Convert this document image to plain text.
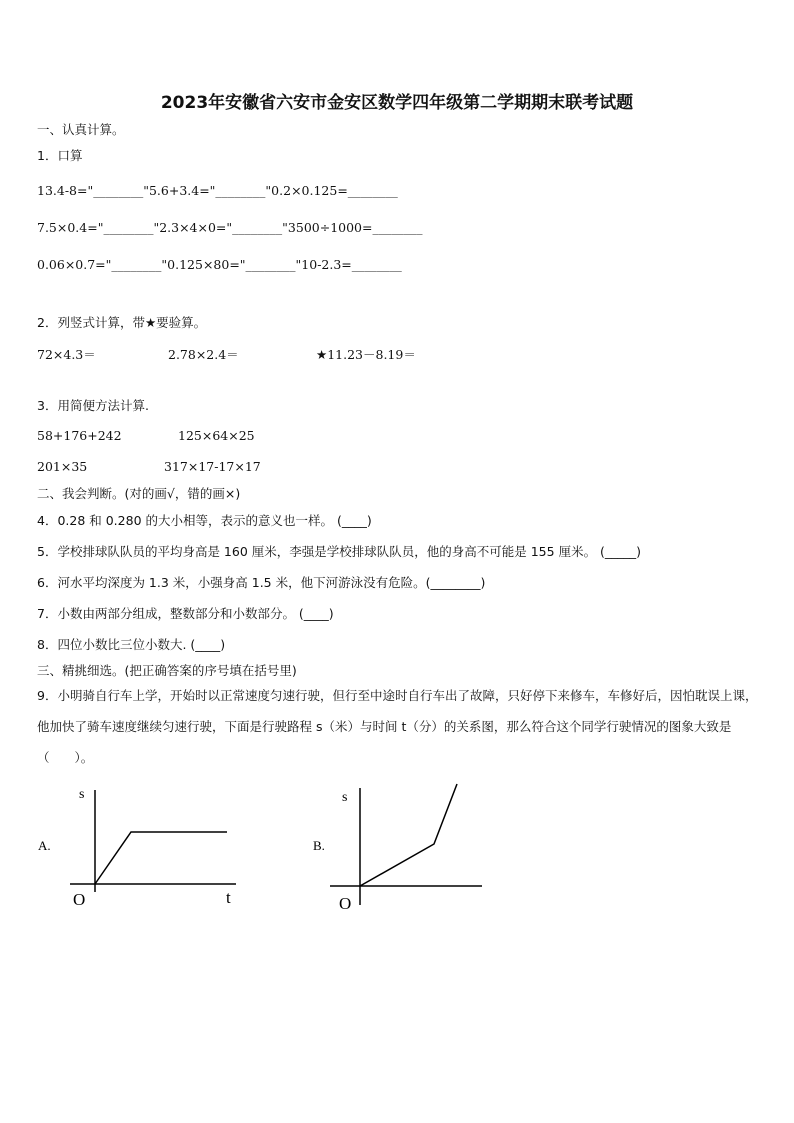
2023年安徽省六安市金安区数学四年级第二学期期末联考试题
一、认真计算。
1．口算
13.4-8="________"5.6+3.4="________"0.2×0.125=________
7.5×0.4="________"2.3×4×0="________"3500÷1000=________
0.06×0.7="________"0.125×80="________"10-2.3=________
2．列竖式计算，带★要验算。
72×4.3＝	2.78×2.4＝	★11.23－8.19＝
3．用简便方法计算.
58+176+242	125×64×25
201×35	317×17-17×17
二、我会判断。(对的画√，错的画×)
4．0.28 和 0.280 的大小相等，表示的意义也一样。 (____)
5．学校排球队队员的平均身高是 160 厘米，李强是学校排球队队员，他的身高不可能是 155 厘米。 (_____)
6．河水平均深度为 1.3 米，小强身高 1.5 米，他下河游泳没有危险。(________)
7．小数由两部分组成，整数部分和小数部分。 (____)
8．四位小数比三位小数大. (____)
三、精挑细选。(把正确答案的序号填在括号里)
9．小明骑自行车上学，开始时以正常速度匀速行驶，但行至中途时自行车出了故障，只好停下来修车，车修好后，因怕耽误上课，他加快了骑车速度继续匀速行驶，下面是行驶路程 s（米）与时间 t（分）的关系图，那么符合这个同学行驶情况的图象大致是（　　）。
A.
s
t
O
B.
s
O
